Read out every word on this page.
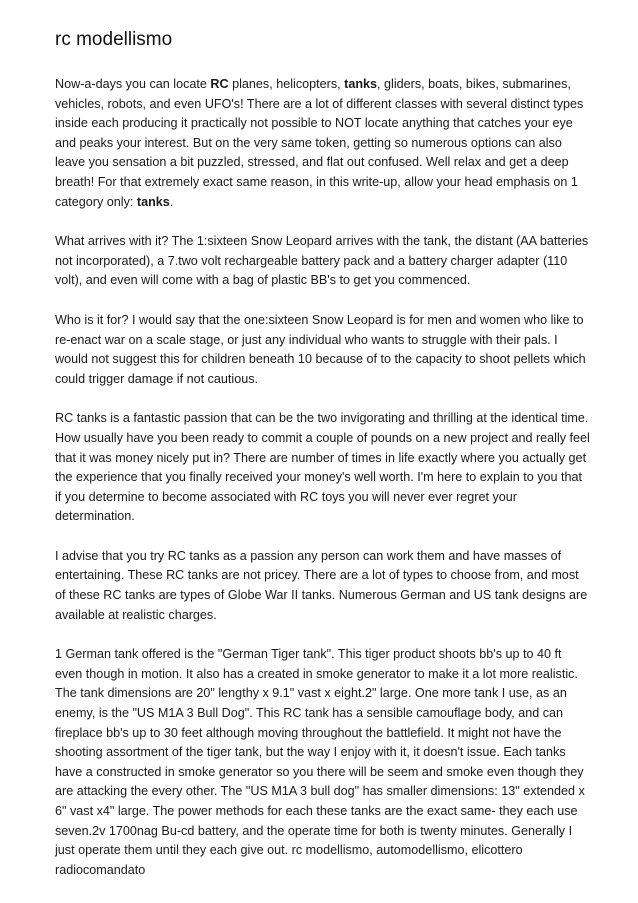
rc modellismo

Now-a-days you can locate RC planes, helicopters, tanks, gliders, boats, bikes, submarines, vehicles, robots, and even UFO's! There are a lot of different classes with several distinct types inside each producing it practically not possible to NOT locate anything that catches your eye and peaks your interest. But on the very same token, getting so numerous options can also leave you sensation a bit puzzled, stressed, and flat out confused. Well relax and get a deep breath! For that extremely exact same reason, in this write-up, allow your head emphasis on 1 category only: tanks.

What arrives with it? The 1:sixteen Snow Leopard arrives with the tank, the distant (AA batteries not incorporated), a 7.two volt rechargeable battery pack and a battery charger adapter (110 volt), and even will come with a bag of plastic BB's to get you commenced.

Who is it for? I would say that the one:sixteen Snow Leopard is for men and women who like to re-enact war on a scale stage, or just any individual who wants to struggle with their pals. I would not suggest this for children beneath 10 because of to the capacity to shoot pellets which could trigger damage if not cautious.

RC tanks is a fantastic passion that can be the two invigorating and thrilling at the identical time. How usually have you been ready to commit a couple of pounds on a new project and really feel that it was money nicely put in? There are number of times in life exactly where you actually get the experience that you finally received your money's well worth. I'm here to explain to you that if you determine to become associated with RC toys you will never ever regret your determination.

I advise that you try RC tanks as a passion any person can work them and have masses of entertaining. These RC tanks are not pricey. There are a lot of types to choose from, and most of these RC tanks are types of Globe War II tanks. Numerous German and US tank designs are available at realistic charges.

1 German tank offered is the "German Tiger tank". This tiger product shoots bb's up to 40 ft even though in motion. It also has a created in smoke generator to make it a lot more realistic. The tank dimensions are 20" lengthy x 9.1" vast x eight.2" large. One more tank I use, as an enemy, is the "US M1A 3 Bull Dog". This RC tank has a sensible camouflage body, and can fireplace bb's up to 30 feet although moving throughout the battlefield. It might not have the shooting assortment of the tiger tank, but the way I enjoy with it, it doesn't issue. Each tanks have a constructed in smoke generator so you there will be seem and smoke even though they are attacking the every other. The "US M1A 3 bull dog" has smaller dimensions: 13" extended x 6" vast x4" large. The power methods for each these tanks are the exact same- they each use seven.2v 1700nag Bu-cd battery, and the operate time for both is twenty minutes. Generally I just operate them until they each give out. rc modellismo, automodellismo, elicottero radiocomandato
